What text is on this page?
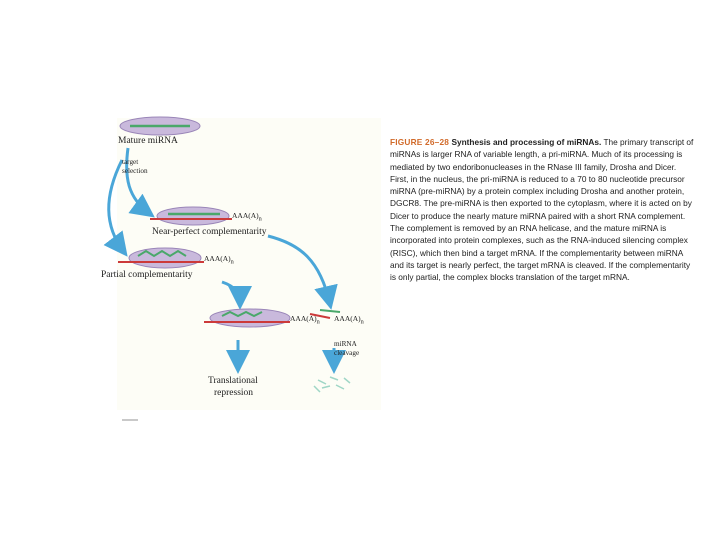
Mature miRNA
target
selection
$AAA(A)_n$
Near-perfect complementarity
$AAA(A)_n$
Partial complementarity
$AAA(A)_n$ $AAA(A)_n$
miRNA
cleavage
Translational
repression
FIGURE 26–28 Synthesis and processing of miRNAs. The primary transcript of miRNAs is larger RNA of variable length, a pri-miRNA. Much of its processing is mediated by two endoribonucleases in the RNase III family, Drosha and Dicer. First, in the nucleus, the pri-miRNA is reduced to a 70 to 80 nucleotide precursor miRNA (pre-miRNA) by a protein complex including Drosha and another protein, DGCR8. The pre-miRNA is then exported to the cytoplasm, where it is acted on by Dicer to produce the nearly mature miRNA paired with a short RNA complement. The complement is removed by an RNA helicase, and the mature miRNA is incorporated into protein complexes, such as the RNA-induced silencing complex (RISC), which then bind a target mRNA. If the complementarity between miRNA and its target is nearly perfect, the target mRNA is cleaved. If the complementarity is only partial, the complex blocks translation of the target mRNA.
